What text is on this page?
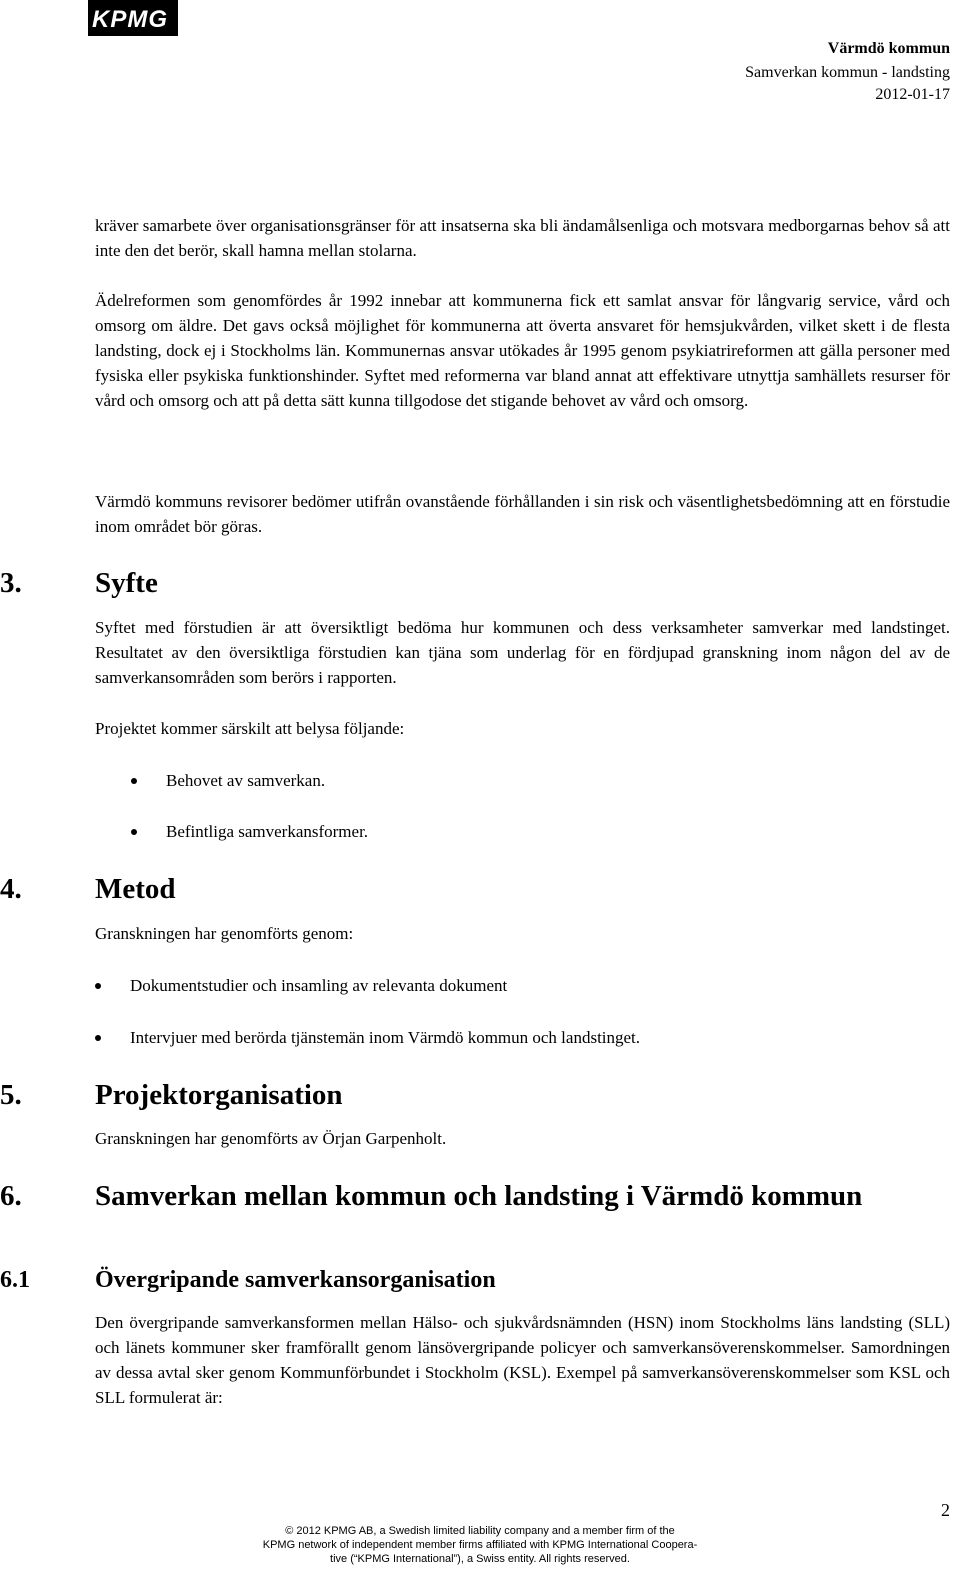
KPMG
Värmdö kommun
Samverkan kommun - landsting
2012-01-17
kräver samarbete över organisationsgränser för att insatserna ska bli ändamålsenliga och motsvara medborgarnas behov så att inte den det berör, skall hamna mellan stolarna.
Ädelreformen som genomfördes år 1992 innebar att kommunerna fick ett samlat ansvar för långvarig service, vård och omsorg om äldre. Det gavs också möjlighet för kommunerna att överta ansvaret för hemsjukvården, vilket skett i de flesta landsting, dock ej i Stockholms län. Kommunernas ansvar utökades år 1995 genom psykiatrireformen att gälla personer med fysiska eller psykiska funktionshinder. Syftet med reformerna var bland annat att effektivare utnyttja samhällets resurser för vård och omsorg och att på detta sätt kunna tillgodose det stigande behovet av vård och omsorg.
Värmdö kommuns revisorer bedömer utifrån ovanstående förhållanden i sin risk och väsentlighetsbedömning att en förstudie inom området bör göras.
3.	Syfte
Syftet med förstudien är att översiktligt bedöma hur kommunen och dess verksamheter samverkar med landstinget. Resultatet av den översiktliga förstudien kan tjäna som underlag för en fördjupad granskning inom någon del av de samverkansområden som berörs i rapporten.
Projektet kommer särskilt att belysa följande:
Behovet av samverkan.
Befintliga samverkansformer.
4.	Metod
Granskningen har genomförts genom:
Dokumentstudier och insamling av relevanta dokument
Intervjuer med berörda tjänstemän inom Värmdö kommun och landstinget.
5.	Projektorganisation
Granskningen har genomförts av Örjan Garpenholt.
6.	Samverkan mellan kommun och landsting i Värmdö kommun
6.1	Övergripande samverkansorganisation
Den övergripande samverkansformen mellan Hälso- och sjukvårdsnämnden (HSN) inom Stockholms läns landsting (SLL) och länets kommuner sker framförallt genom länsövergripande policyer och samverkansöverenskommelser. Samordningen av dessa avtal sker genom Kommunförbundet i Stockholm (KSL). Exempel på samverkansöverenskommelser som KSL och SLL formulerat är:
2
© 2012 KPMG AB, a Swedish limited liability company and a member firm of the
KPMG network of independent member firms affiliated with KPMG International Coopera-
tive (“KPMG International”), a Swiss entity. All rights reserved.
